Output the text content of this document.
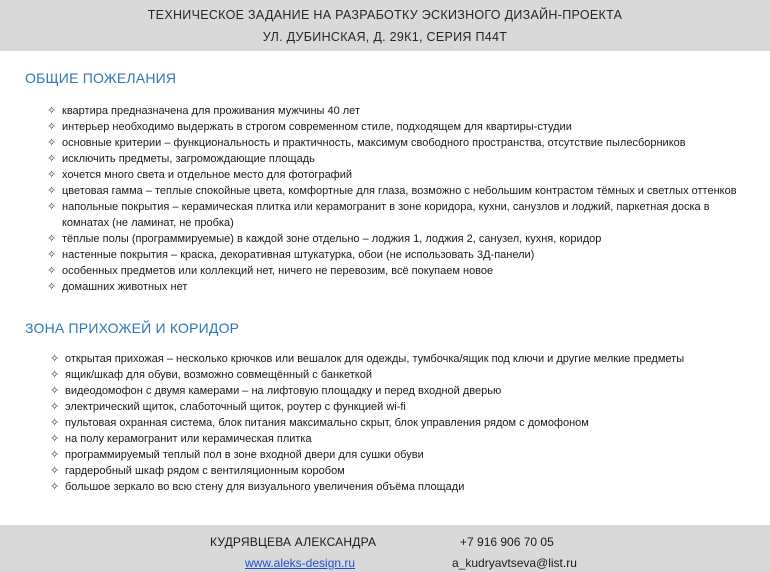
ТЕХНИЧЕСКОЕ ЗАДАНИЕ НА РАЗРАБОТКУ ЭСКИЗНОГО ДИЗАЙН-ПРОЕКТА
УЛ. ДУБИНСКАЯ, Д. 29К1, СЕРИЯ П44Т
ОБЩИЕ ПОЖЕЛАНИЯ
✧ квартира предназначена для проживания мужчины 40 лет
✧ интерьер необходимо выдержать в строгом современном стиле, подходящем для квартиры-студии
✧ основные критерии – функциональность и практичность, максимум свободного пространства, отсутствие пылесборников
✧ исключить предметы, загромождающие площадь
✧ хочется много света и отдельное место для фотографий
✧ цветовая гамма – теплые спокойные цвета, комфортные для глаза, возможно с небольшим контрастом тёмных и светлых оттенков
✧ напольные покрытия – керамическая плитка или керамогранит в зоне коридора, кухни, санузлов и лоджий, паркетная доска в комнатах (не ламинат, не пробка)
✧ тёплые полы (программируемые) в каждой зоне отдельно – лоджия 1, лоджия 2, санузел, кухня, коридор
✧ настенные покрытия – краска, декоративная штукатурка, обои (не использовать 3Д-панели)
✧ особенных предметов или коллекций нет, ничего не перевозим, всё покупаем новое
✧ домашних животных нет
ЗОНА ПРИХОЖЕЙ И КОРИДОР
✧ открытая прихожая – несколько крючков или вешалок для одежды, тумбочка/ящик под ключи и другие мелкие предметы
✧ ящик/шкаф для обуви, возможно совмещённый с банкеткой
✧ видеодомофон с двумя камерами – на лифтовую площадку и перед входной дверью
✧ электрический щиток, слаботочный щиток, роутер с функцией wi-fi
✧ пультовая охранная система, блок питания максимально скрыт, блок управления рядом с домофоном
✧ на полу керамогранит или керамическая плитка
✧ программируемый теплый пол в зоне входной двери для сушки обуви
✧ гардеробный шкаф рядом с вентиляционным коробом
✧ большое зеркало во всю стену для визуального увеличения объёма площади
КУДРЯВЦЕВА АЛЕКСАНДРА	+7 916 906 70 05
www.aleks-design.ru	a_kudryavtseva@list.ru
